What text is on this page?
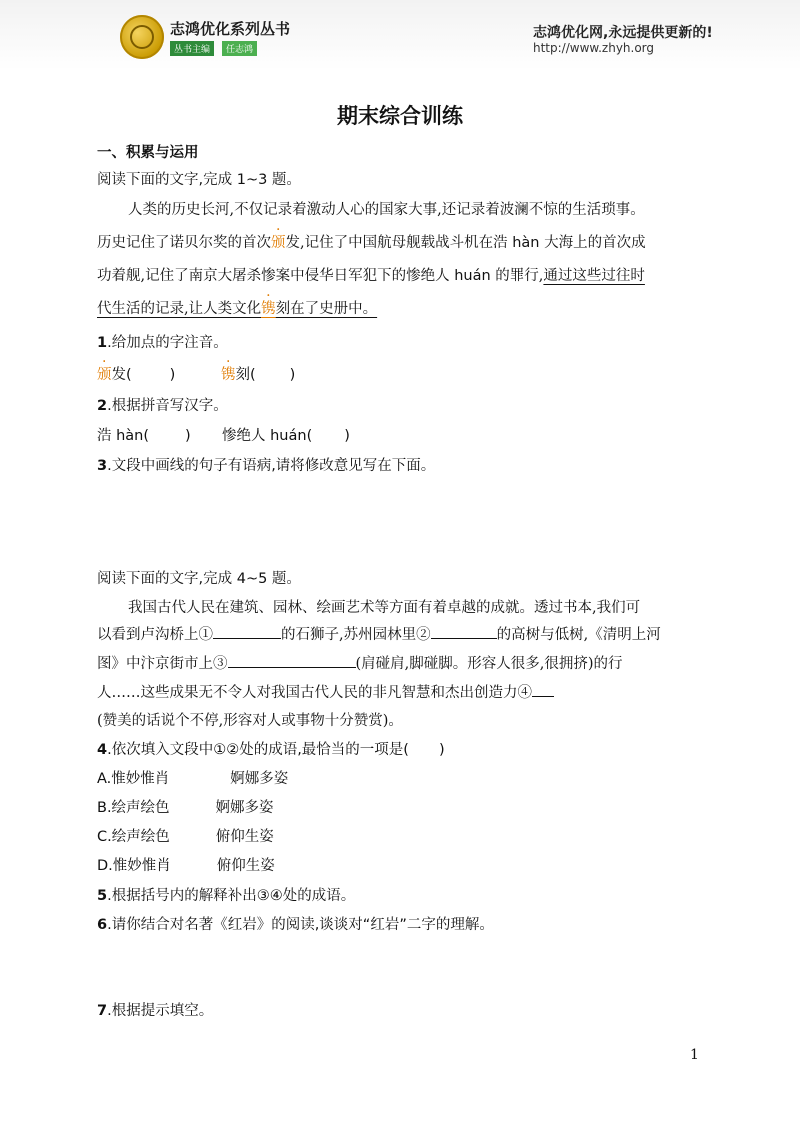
志鸿优化系列丛书
丛书主编	任志鸿
志鸿优化网,永远提供更新的!
http://www.zhyh.org
期末综合训练
一、积累与运用
阅读下面的文字,完成 1~3 题。
人类的历史长河,不仅记录着激动人心的国家大事,还记录着波澜不惊的生活琐事。
历史记住了诺贝尔奖的首次颁发,记住了中国航母舰载战斗机在浩 hàn 大海上的首次成
功着舰,记住了南京大屠杀惨案中侵华日军犯下的惨绝人 huán 的罪行,通过这些过往时
代生活的记录,让人类文化镌刻在了史册中。
1.给加点的字注音。
颁发(	)	镌刻( )
2.根据拼音写汉字。
浩 hàn( ) 惨绝人 huán( )
3.文段中画线的句子有语病,请将修改意见写在下面。
阅读下面的文字,完成 4~5 题。
我国古代人民在建筑、园林、绘画艺术等方面有着卓越的成就。透过书本,我们可
以看到卢沟桥上①	的石狮子,苏州园林里②	的高树与低树,《清明上河
图》中汴京街市上③	(肩碰肩,脚碰脚。形容人很多,很拥挤)的行
人……这些成果无不令人对我国古代人民的非凡智慧和杰出创造力④
(赞美的话说个不停,形容对人或事物十分赞赏)。
4.依次填入文段中①②处的成语,最恰当的一项是( )
A.惟妙惟肖	婀娜多姿
B.绘声绘色	婀娜多姿
C.绘声绘色	俯仰生姿
D.惟妙惟肖	俯仰生姿
5.根据括号内的解释补出③④处的成语。
6.请你结合对名著《红岩》的阅读,谈谈对“红岩”二字的理解。
7.根据提示填空。
1
